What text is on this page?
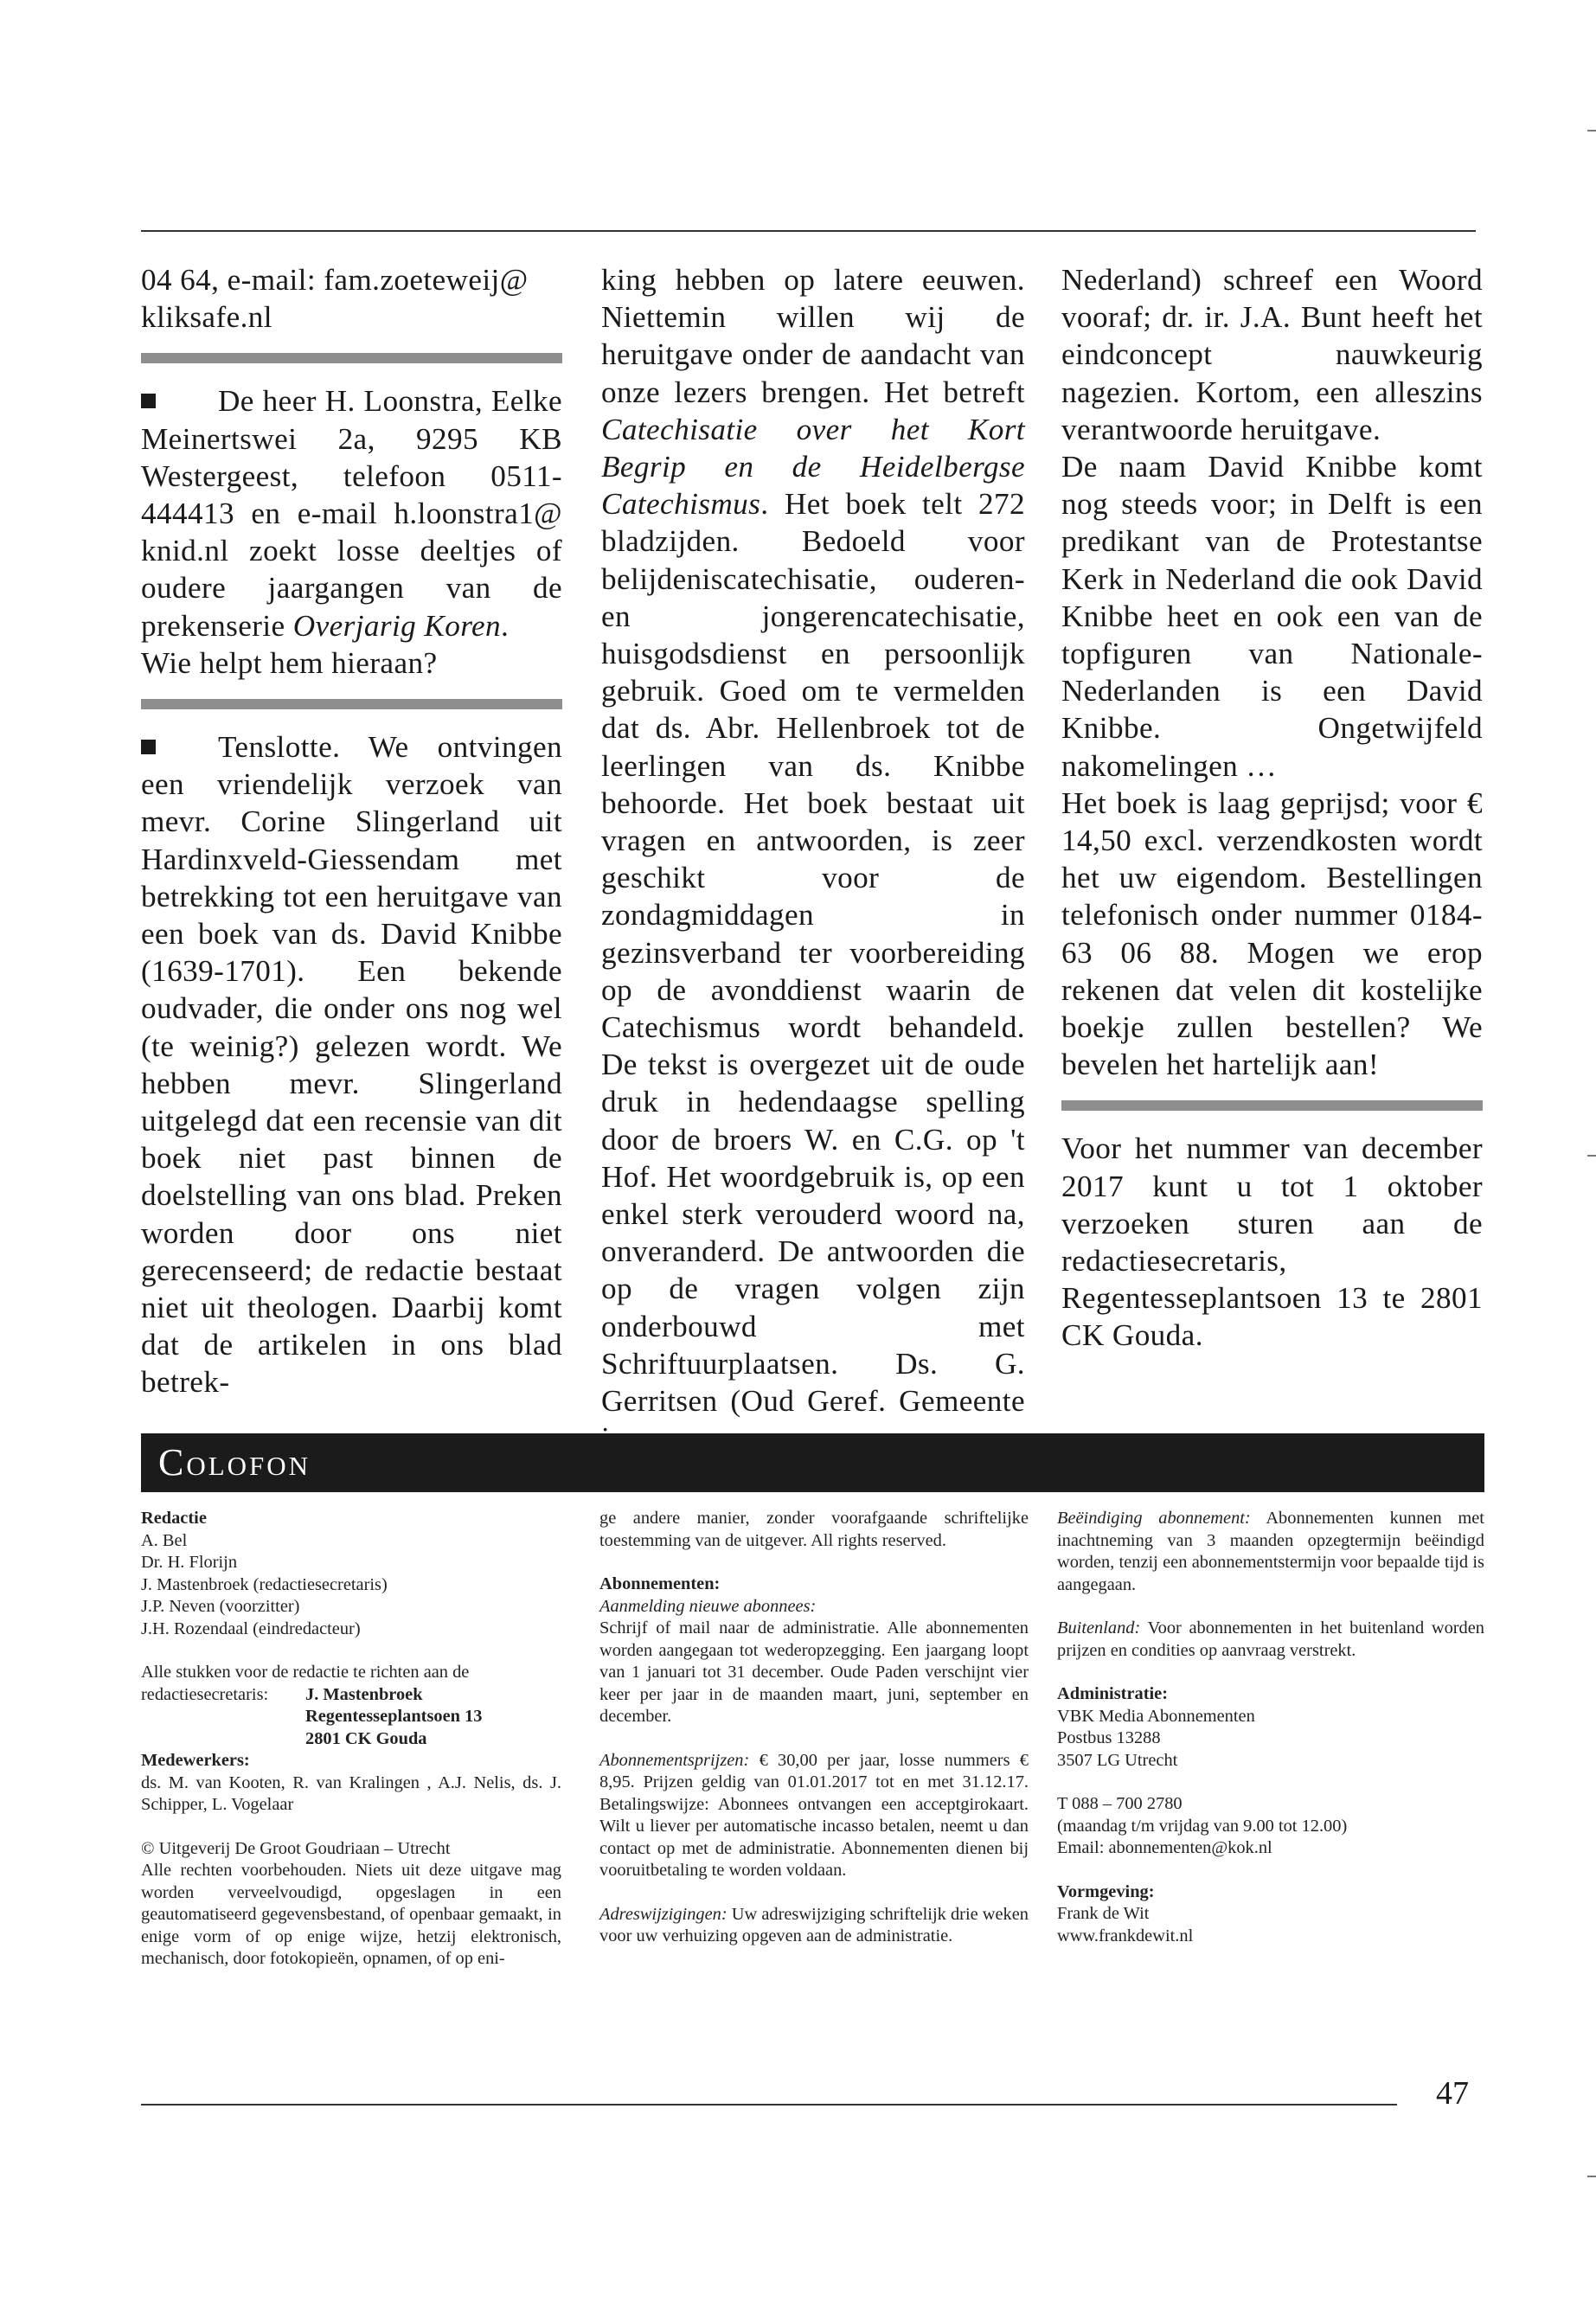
04 64, e-mail: fam.zoeteweij@ kliksafe.nl

De heer H. Loonstra, Eelke Meinertswei 2a, 9295 KB Westergeest, telefoon 0511-444413 en e-mail h.loonstra1@ knid.nl zoekt losse deeltjes of oudere jaargangen van de prekenserie Overjarig Koren.

Wie helpt hem hieraan?

Tenslotte. We ontvingen een vriendelijk verzoek van mevr. Corine Slingerland uit Hardinxveld-Giessendam met betrekking tot een heruitgave van een boek van ds. David Knibbe (1639-1701). Een bekende oudvader, die onder ons nog wel (te weinig?) gelezen wordt. We hebben mevr. Slingerland uitgelegd dat een recensie van dit boek niet past binnen de doelstelling van ons blad. Preken worden door ons niet gerecenseerd; de redactie bestaat niet uit theologen. Daarbij komt dat de artikelen in ons blad betrek-

king hebben op latere eeuwen. Niettemin willen wij de heruitgave onder de aandacht van onze lezers brengen. Het betreft Catechisatie over het Kort Begrip en de Heidelbergse Catechismus. Het boek telt 272 bladzijden. Bedoeld voor belijdeniscatechisatie, ouderen- en jongerencatechisatie, huisgodsdienst en persoonlijk gebruik. Goed om te vermelden dat ds. Abr. Hellenbroek tot de leerlingen van ds. Knibbe behoorde. Het boek bestaat uit vragen en antwoorden, is zeer geschikt voor de zondagmiddagen in gezinsverband ter voorbereiding op de avonddienst waarin de Catechismus wordt behandeld. De tekst is overgezet uit de oude druk in hedendaagse spelling door de broers W. en C.G. op 't Hof. Het woordgebruik is, op een enkel sterk verouderd woord na, onveranderd. De antwoorden die op de vragen volgen zijn onderbouwd met Schriftuurplaatsen. Ds. G. Gerritsen (Oud Geref. Gemeente

Nederland) schreef een Woord vooraf; dr. ir. J.A. Bunt heeft het eindconcept nauwkeurig nagezien. Kortom, een alleszins verantwoorde heruitgave.

De naam David Knibbe komt nog steeds voor; in Delft is een predikant van de Protestantse Kerk in Nederland die ook David Knibbe heet en ook een van de topfiguren van Nationale-Nederlanden is een David Knibbe. Ongetwijfeld nakomelingen …

Het boek is laag geprijsd; voor € 14,50 excl. verzendkosten wordt het uw eigendom. Bestellingen telefonisch onder nummer 0184-63 06 88. Mogen we erop rekenen dat velen dit kostelijke boekje zullen bestellen? We bevelen het hartelijk aan!

Voor het nummer van december 2017 kunt u tot 1 oktober verzoeken sturen aan de redactiesecretaris, Regentesseplantsoen 13 te 2801 CK Gouda.

Colofon
Redactie
A. Bel
Dr. H. Florijn
J. Mastenbroek (redactiesecretaris)
J.P. Neven (voorzitter)
J.H. Rozendaal (eindredacteur)
Alle stukken voor de redactie te richten aan de
redactiesecretaris:	J. Mastenbroek
Regentesseplantsoen 13
2801 CK Gouda
Medewerkers:
ds. M. van Kooten, R. van Kralingen , A.J. Nelis, ds. J. Schipper, L. Vogelaar
© Uitgeverij De Groot Goudriaan – Utrecht
Alle rechten voorbehouden. Niets uit deze uitgave mag worden verveelvoudigd, opgeslagen in een geautomatiseerd gegevensbestand, of openbaar gemaakt, in enige vorm of op enige wijze, hetzij elektronisch, mechanisch, door fotokopieën, opnamen, of op eni-
ge andere manier, zonder voorafgaande schriftelijke toestemming van de uitgever. All rights reserved.
Abonnementen:
Aanmelding nieuwe abonnees:
Schrijf of mail naar de administratie. Alle abonnementen worden aangegaan tot wederopzegging. Een jaargang loopt van 1 januari tot 31 december. Oude Paden verschijnt vier keer per jaar in de maanden maart, juni, september en december.
Abonnementsprijzen: € 30,00 per jaar, losse nummers € 8,95. Prijzen geldig van 01.01.2017 tot en met 31.12.17. Betalingswijze: Abonnees ontvangen een acceptgirokaart. Wilt u liever per automatische incasso betalen, neemt u dan contact op met de administratie. Abonnementen dienen bij vooruitbetaling te worden voldaan.
Adreswijzigingen: Uw adreswijziging schriftelijk drie weken voor uw verhuizing opgeven aan de administratie.
Beëindiging abonnement: Abonnementen kunnen met inachtneming van 3 maanden opzegtermijn beëindigd worden, tenzij een abonnementstermijn voor bepaalde tijd is aangegaan.
Buitenland: Voor abonnementen in het buitenland worden prijzen en condities op aanvraag verstrekt.
Administratie:
VBK Media Abonnementen
Postbus 13288
3507 LG Utrecht
T 088 – 700 2780
(maandag t/m vrijdag van 9.00 tot 12.00)
Email: abonnementen@kok.nl
Vormgeving:
Frank de Wit
www.frankdewit.nl
47
